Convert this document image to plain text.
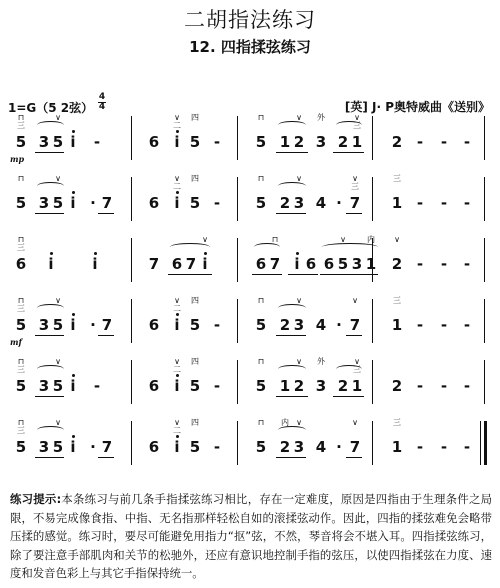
二胡指法练习
12. 四指揉弦练习
1=G（5 2弦）
4
4	[英] J· P奥特威曲《送别》
5
⊓
三
3 5
∨
i -	6 i
∨
二
5
四
- 5
⊓
1 2
∨
3
外
2 1
∨
三
2 - - -
mp
5
⊓
3 5
∨
i · 7 6 i
∨
二
5
四
- 5
⊓
2 3
∨
4 · 7
∨
三
1
三
- - -
6
⊓
三
i	i	7 6 7 i
∨
6 7
⊓
i 6 6 5
∨
3 1
内
2
∨
- - -
5
⊓
三
3 5
∨
i · 7 6 i
∨
二
5
四
- 5
⊓
2 3
∨
4 · 7
∨
1
三
- - -
mf
5
⊓
三
3 5
∨
i -	6 i
∨
二
5
四
- 5
⊓
1 2
∨
3
外
2 1
∨
三
2 - - -
5
⊓
三
3 5
∨
i · 7 6 i
∨
二
5
四
- 5
⊓
2
内
3
∨
4 · 7
∨
1
三
- - -
练习提示:本条练习与前几条手指揉弦练习相比，存在一定难度，原因是四指由于生理条件之局限，不易完成像食指、中指、无名指那样轻松自如的滚揉弦动作。因此，四指的揉弦难免会略带压揉的感觉。练习时，要尽可能避免用指力“抠”弦，不然，琴音将会不堪入耳。四指揉弦练习，除了要注意手部肌肉和关节的松驰外，还应有意识地控制手指的弦压，以使四指揉弦在力度、速度和发音色彩上与其它手指保持统一。
